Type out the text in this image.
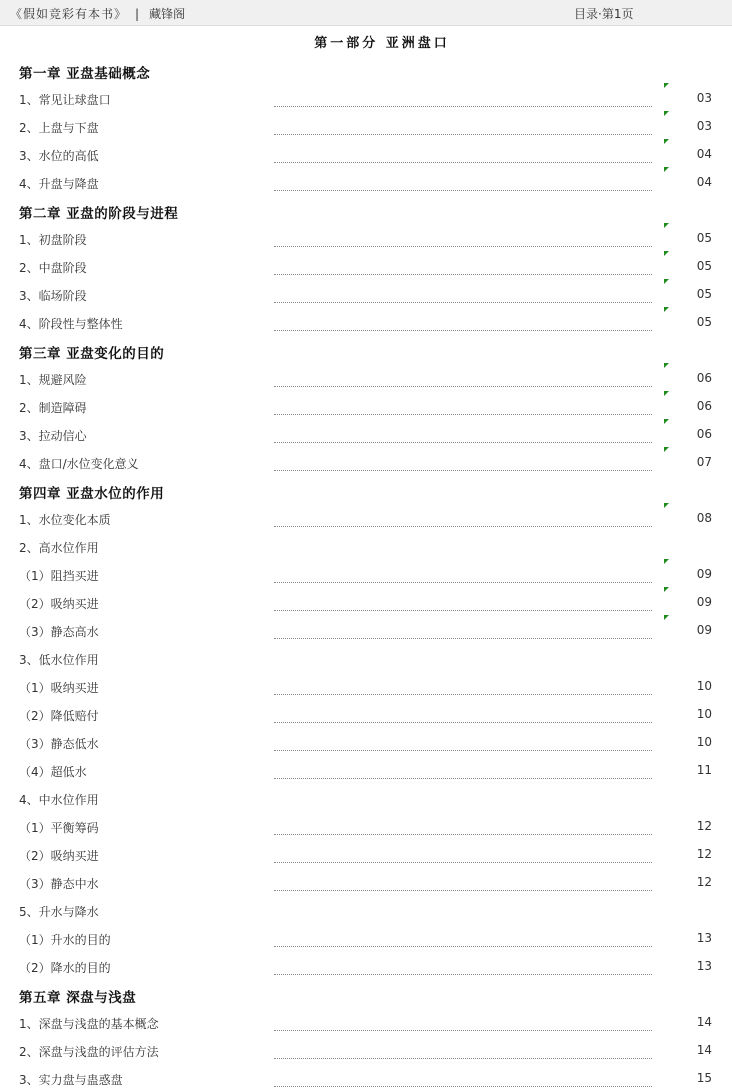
《假如竞彩有本书》 | 藏锋阁	目录·第1页
第一部分 亚洲盘口
第一章 亚盘基础概念
1、常见让球盘口	03
2、上盘与下盘	03
3、水位的高低	04
4、升盘与降盘	04
第二章 亚盘的阶段与进程
1、初盘阶段	05
2、中盘阶段	05
3、临场阶段	05
4、阶段性与整体性	05
第三章 亚盘变化的目的
1、规避风险	06
2、制造障碍	06
3、拉动信心	06
4、盘口/水位变化意义	07
第四章 亚盘水位的作用
1、水位变化本质	08
2、高水位作用
（1）阻挡买进	09
（2）吸纳买进	09
（3）静态高水	09
3、低水位作用
（1）吸纳买进	10
（2）降低赔付	10
（3）静态低水	10
（4）超低水	11
4、中水位作用
（1）平衡筹码	12
（2）吸纳买进	12
（3）静态中水	12
5、升水与降水
（1）升水的目的	13
（2）降水的目的	13
第五章 深盘与浅盘
1、深盘与浅盘的基本概念	14
2、深盘与浅盘的评估方法	14
3、实力盘与蛊惑盘	15
